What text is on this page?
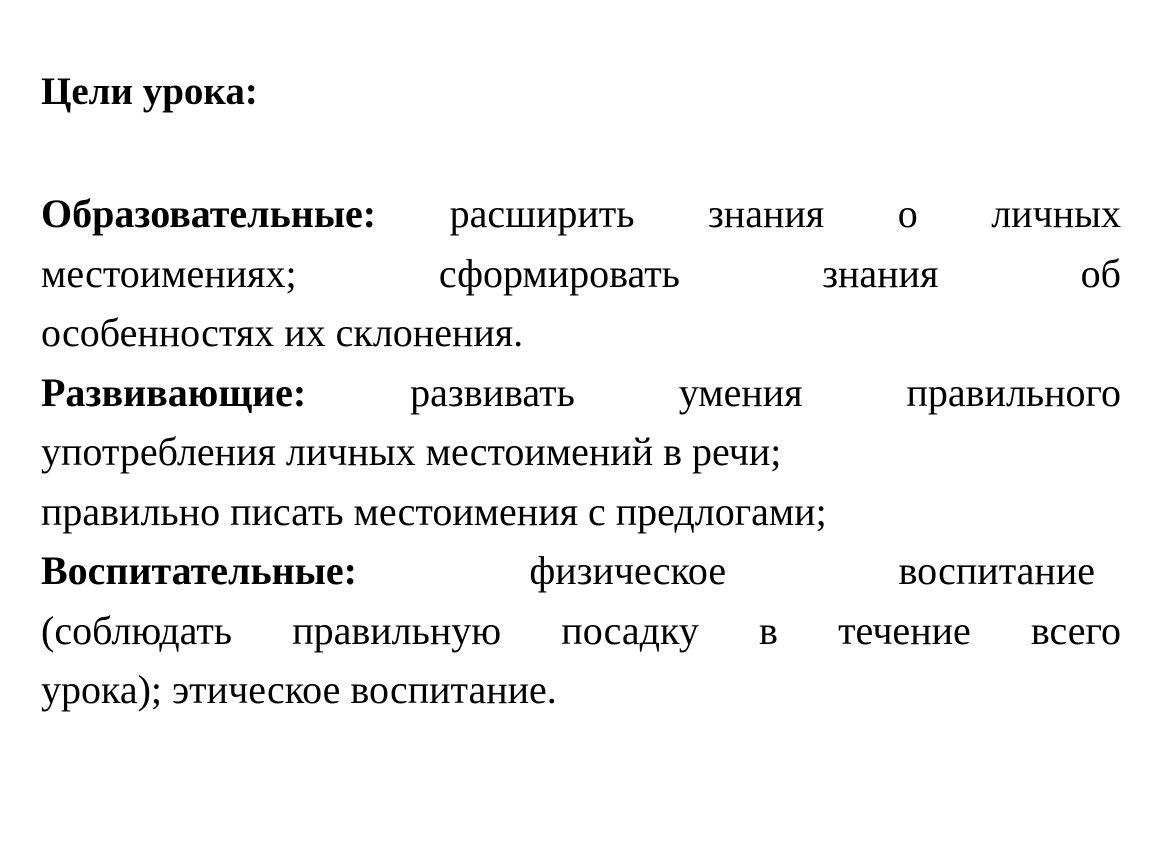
Цели урока:
Образовательные: расширить знания о личных
местоимениях;	сформировать	знания	об
особенностях их склонения.
Развивающие:	развивать	умения	правильного
употребления личных местоимений в речи;
правильно писать местоимения с предлогами;
Воспитательные:	физическое	воспитание
(соблюдать правильную посадку в течение всего
урока); этическое воспитание.
